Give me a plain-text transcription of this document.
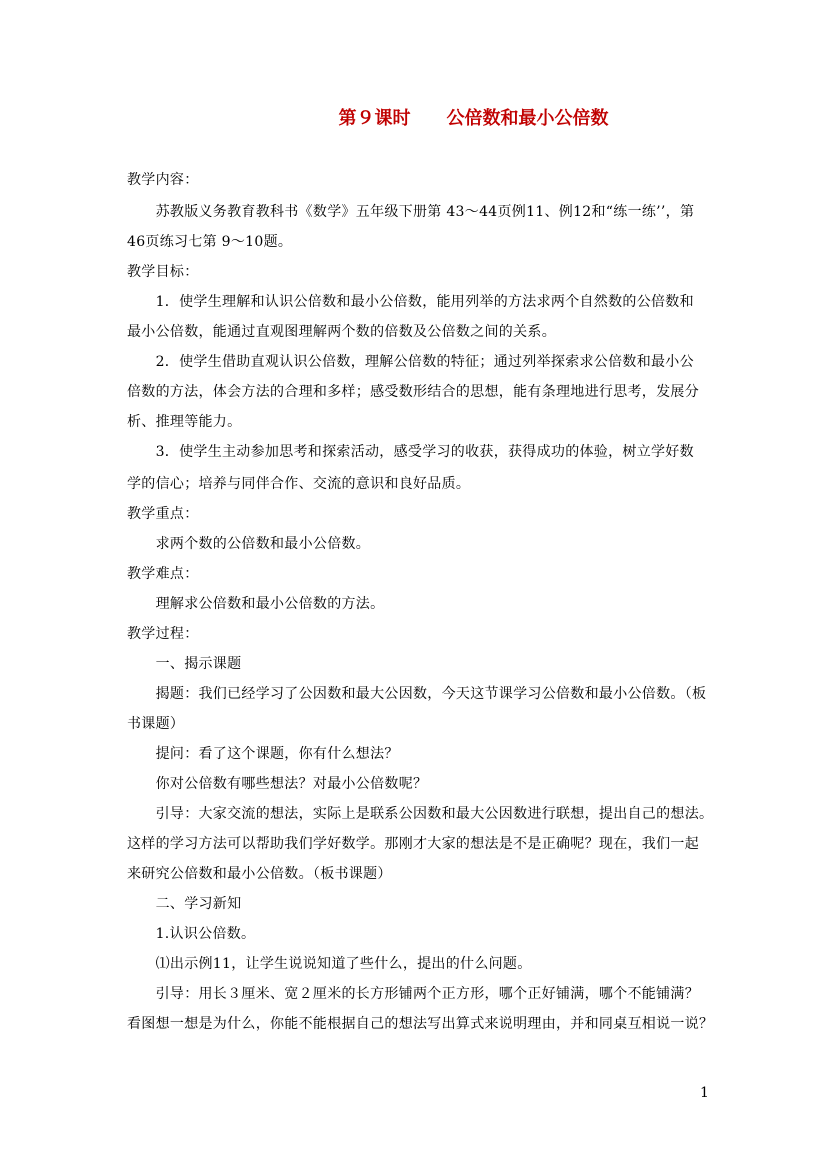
第９课时 公倍数和最小公倍数
教学内容：
　　苏教版义务教育教科书《数学》五年级下册第 43～44页例11、例12和“练一练’’，第
46页练习七第 9～10题。
教学目标：
　　1．使学生理解和认识公倍数和最小公倍数，能用列举的方法求两个自然数的公倍数和
最小公倍数，能通过直观图理解两个数的倍数及公倍数之间的关系。
　　2．使学生借助直观认识公倍数，理解公倍数的特征；通过列举探索求公倍数和最小公
倍数的方法，体会方法的合理和多样；感受数形结合的思想，能有条理地进行思考，发展分
析、推理等能力。
　　3．使学生主动参加思考和探索活动，感受学习的收获，获得成功的体验，树立学好数
学的信心；培养与同伴合作、交流的意识和良好品质。
教学重点：
　　求两个数的公倍数和最小公倍数。
教学难点：
　　理解求公倍数和最小公倍数的方法。
教学过程：
　　一、揭示课题
　　揭题：我们已经学习了公因数和最大公因数，今天这节课学习公倍数和最小公倍数。（板
书课题）
　　提问：看了这个课题，你有什么想法？
　　你对公倍数有哪些想法？对最小公倍数呢？
　　引导：大家交流的想法，实际上是联系公因数和最大公因数进行联想，提出自己的想法。
这样的学习方法可以帮助我们学好数学。那刚才大家的想法是不是正确呢？现在，我们一起
来研究公倍数和最小公倍数。（板书课题）
　　二、学习新知
　　1.认识公倍数。
　　⑴出示例11，让学生说说知道了些什么，提出的什么问题。
　　引导：用长３厘米、宽２厘米的长方形铺两个正方形，哪个正好铺满，哪个不能铺满？
看图想一想是为什么，你能不能根据自己的想法写出算式来说明理由，并和同桌互相说一说？
1
